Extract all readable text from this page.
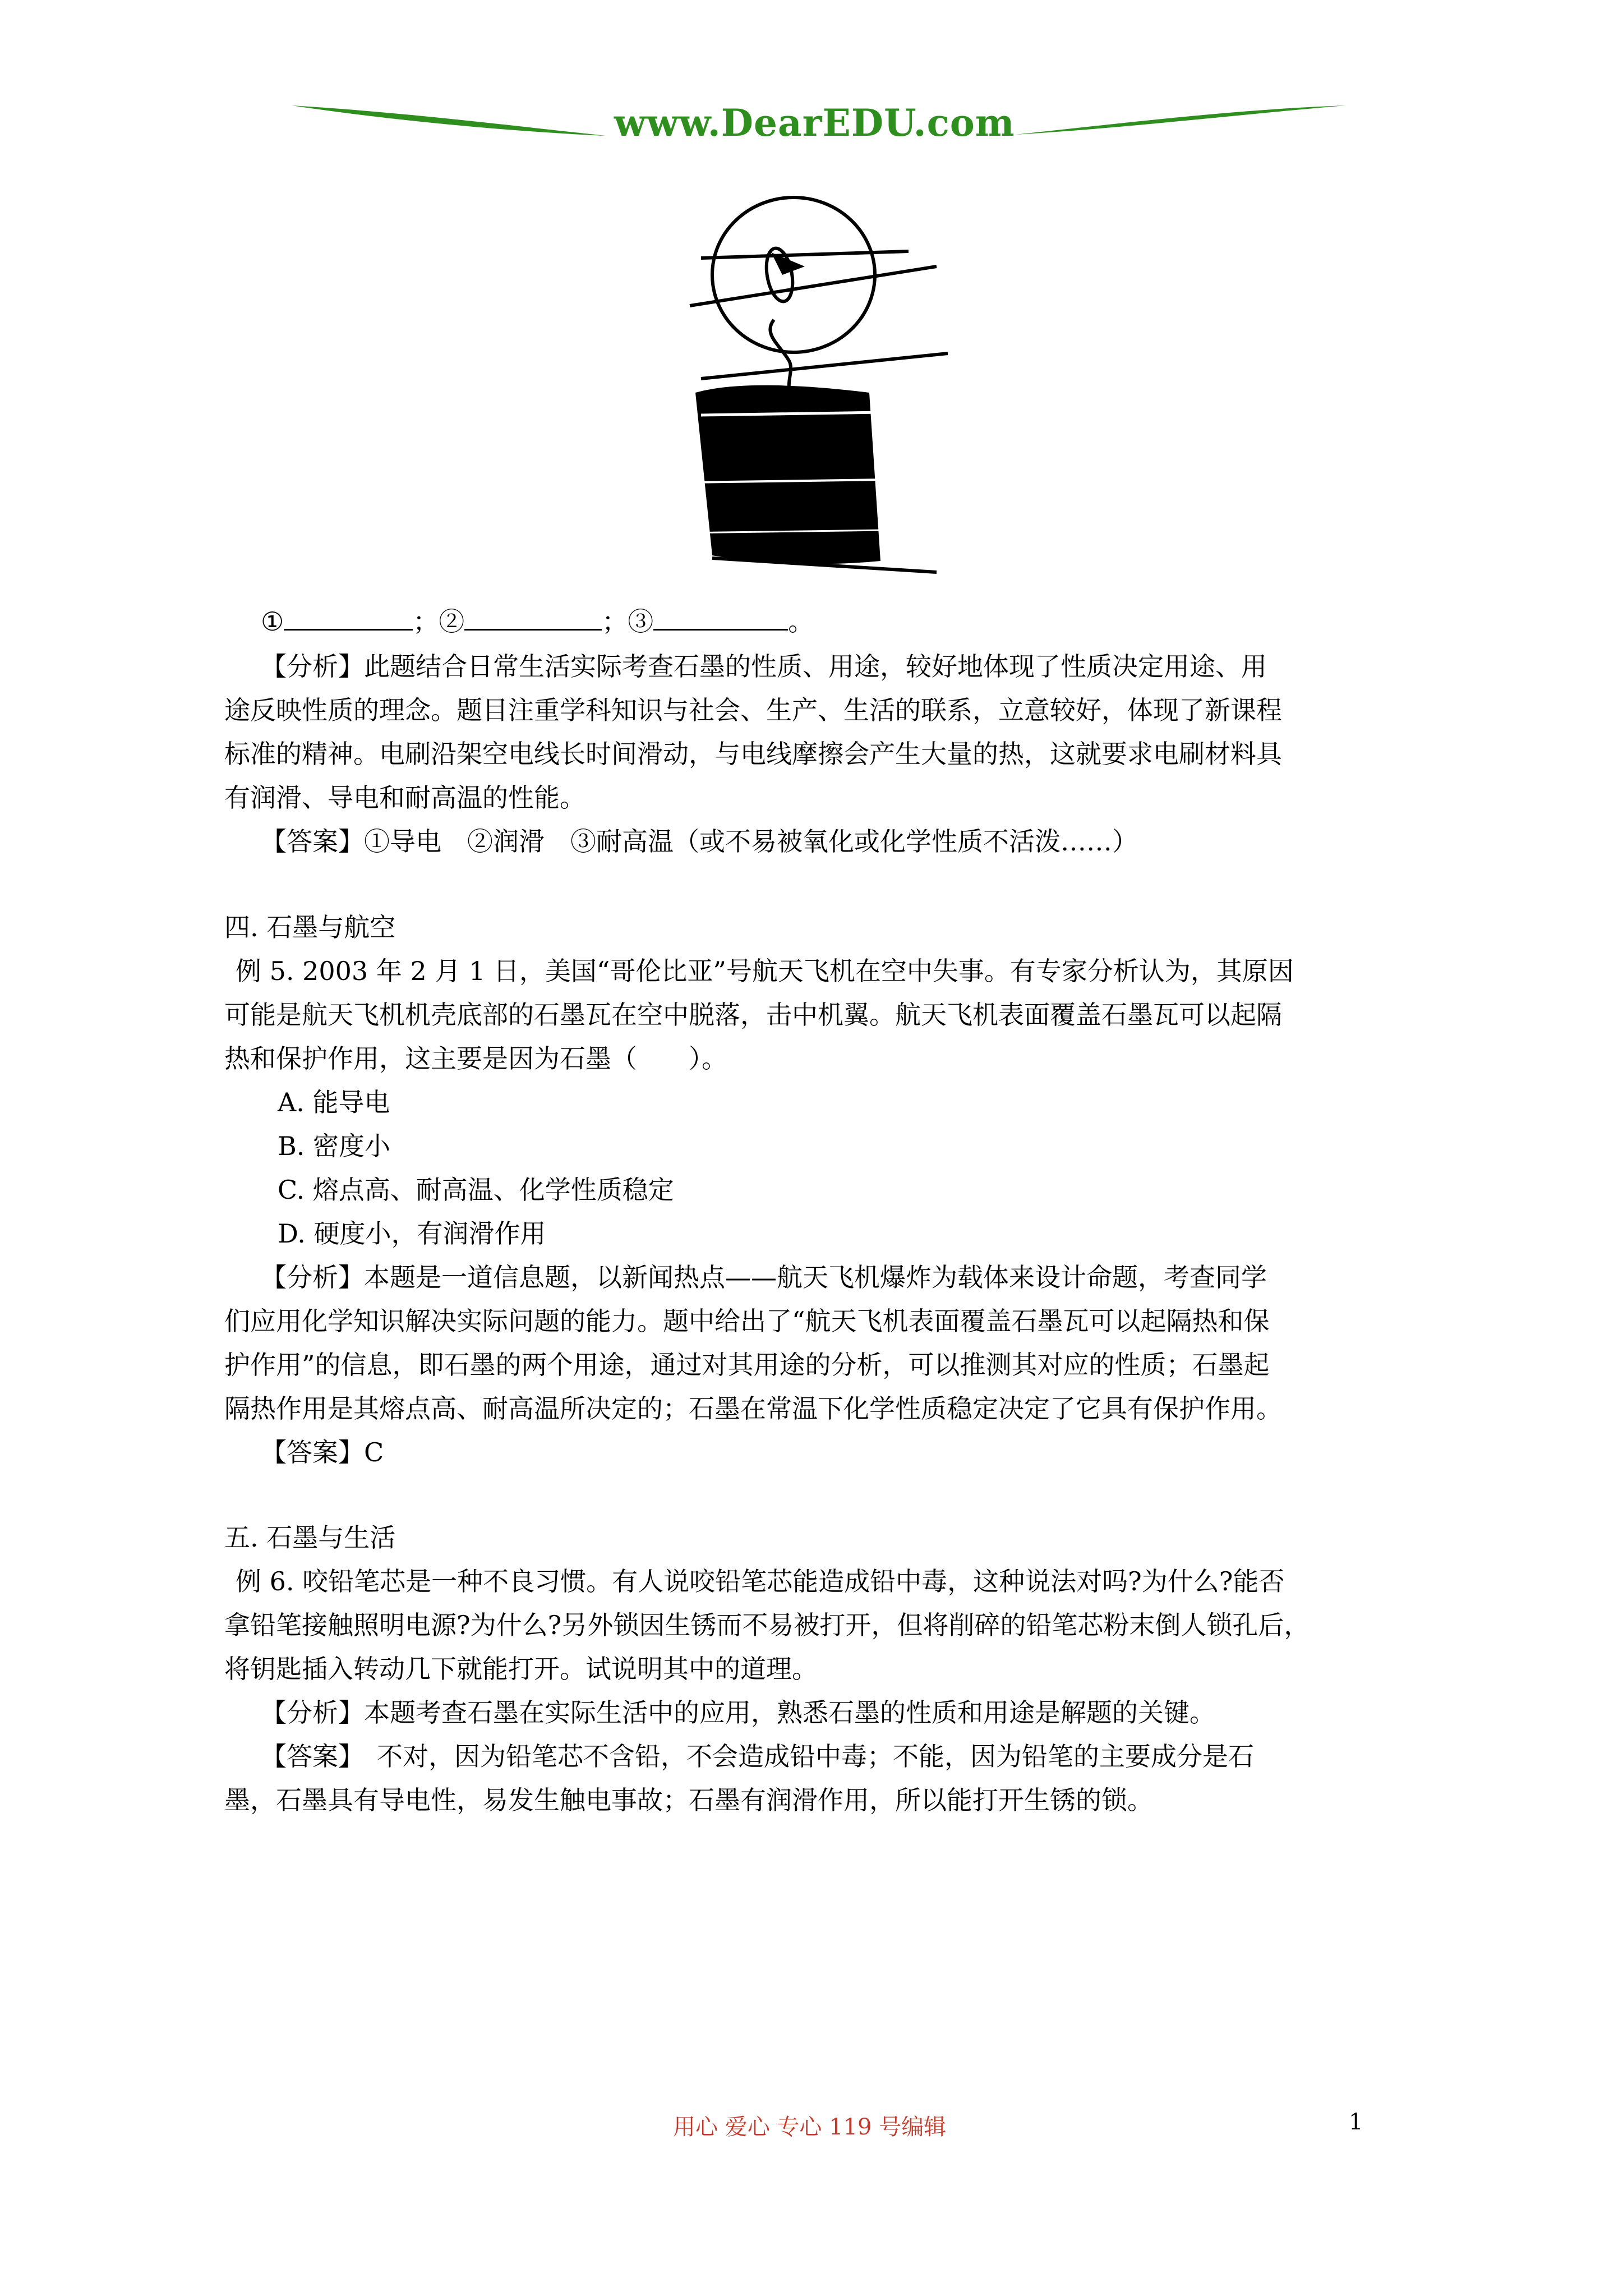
www.DearEDU.com
①	；②	；③	。
【分析】此题结合日常生活实际考查石墨的性质、用途，较好地体现了性质决定用途、用
途反映性质的理念。题目注重学科知识与社会、生产、生活的联系，立意较好，体现了新课程
标准的精神。电刷沿架空电线长时间滑动，与电线摩擦会产生大量的热，这就要求电刷材料具
有润滑、导电和耐高温的性能。
【答案】①导电　②润滑　③耐高温（或不易被氧化或化学性质不活泼……）
四. 石墨与航空
例 5. 2003 年 2 月 1 日，美国“哥伦比亚”号航天飞机在空中失事。有专家分析认为，其原因
可能是航天飞机机壳底部的石墨瓦在空中脱落，击中机翼。航天飞机表面覆盖石墨瓦可以起隔
热和保护作用，这主要是因为石墨（　　）。
A. 能导电
B. 密度小
C. 熔点高、耐高温、化学性质稳定
D. 硬度小，有润滑作用
【分析】本题是一道信息题，以新闻热点——航天飞机爆炸为载体来设计命题，考查同学
们应用化学知识解决实际问题的能力。题中给出了“航天飞机表面覆盖石墨瓦可以起隔热和保
护作用”的信息，即石墨的两个用途，通过对其用途的分析，可以推测其对应的性质；石墨起
隔热作用是其熔点高、耐高温所决定的；石墨在常温下化学性质稳定决定了它具有保护作用。
【答案】C
五. 石墨与生活
例 6. 咬铅笔芯是一种不良习惯。有人说咬铅笔芯能造成铅中毒，这种说法对吗?为什么?能否
拿铅笔接触照明电源?为什么?另外锁因生锈而不易被打开，但将削碎的铅笔芯粉末倒人锁孔后，
将钥匙插入转动几下就能打开。试说明其中的道理。
【分析】本题考查石墨在实际生活中的应用，熟悉石墨的性质和用途是解题的关键。
【答案】　不对，因为铅笔芯不含铅，不会造成铅中毒；不能，因为铅笔的主要成分是石
墨，石墨具有导电性，易发生触电事故；石墨有润滑作用，所以能打开生锈的锁。
用心 爱心 专心 119 号编辑	1
